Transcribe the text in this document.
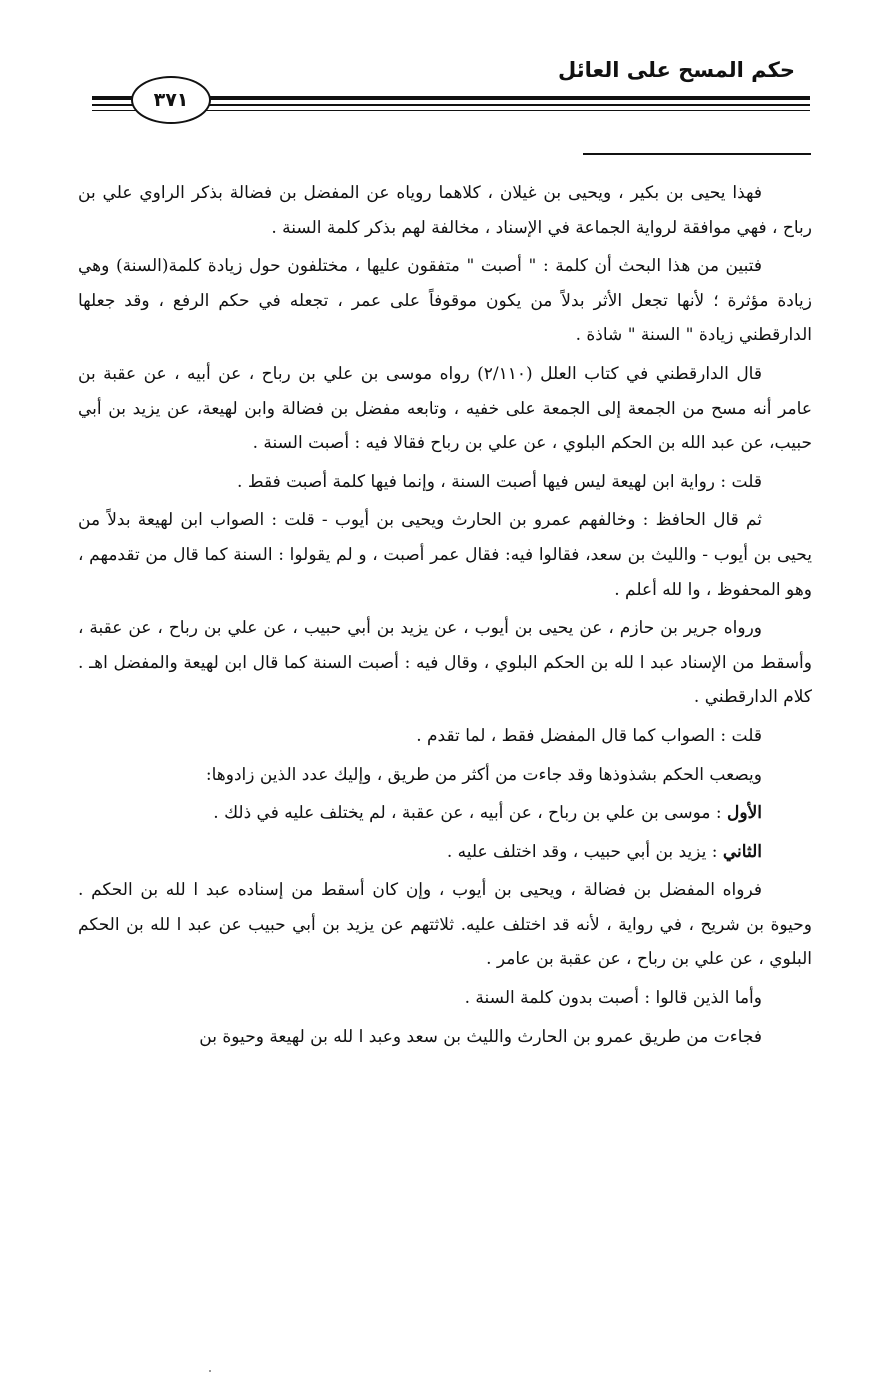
حكم المسح على العائل
٣٧١

فهذا يحيى بن بكير ، ويحيى بن غيلان ، كلاهما روياه عن المفضل بن فضالة بذكر الراوي علي بن رباح ، فهي موافقة لرواية الجماعة في الإسناد ، مخالفة لهم بذكر كلمة السنة .

فتبين من هذا البحث أن كلمة : " أصبت " متفقون عليها ، مختلفون حول زيادة كلمة(السنة) وهي زيادة مؤثرة ؛ لأنها تجعل الأثر بدلاً من يكون موقوفاً على عمر ، تجعله في حكم الرفع ، وقد جعلها الدارقطني زيادة " السنة " شاذة .

قال الدارقطني في كتاب العلل (٢/١١٠) رواه موسى بن علي بن رباح ، عن أبيه ، عن عقبة بن عامر أنه مسح من الجمعة إلى الجمعة على خفيه ، وتابعه مفضل بن فضالة وابن لهيعة، عن يزيد بن أبي حبيب، عن عبد الله بن الحكم البلوي ، عن علي بن رباح فقالا فيه : أصبت السنة .

قلت : رواية ابن لهيعة ليس فيها أصبت السنة ، وإنما فيها كلمة أصبت فقط .

ثم قال الحافظ : وخالفهم عمرو بن الحارث ويحيى بن أيوب - قلت : الصواب ابن لهيعة بدلاً من يحيى بن أيوب - والليث بن سعد، فقالوا فيه: فقال عمر أصبت ، و لم يقولوا : السنة كما قال من تقدمهم ، وهو المحفوظ ، وا لله أعلم .

ورواه جرير بن حازم ، عن يحيى بن أيوب ، عن يزيد بن أبي حبيب ، عن علي بن رباح ، عن عقبة ، وأسقط من الإسناد عبد ا لله بن الحكم البلوي ، وقال فيه : أصبت السنة كما قال ابن لهيعة والمفضل اهـ . كلام الدارقطني .

قلت : الصواب كما قال المفضل فقط ، لما تقدم .

ويصعب الحكم بشذوذها وقد جاءت من أكثر من طريق ، وإليك عدد الذين زادوها:

الأول : موسى بن علي بن رباح ، عن أبيه ، عن عقبة ، لم يختلف عليه في ذلك .

الثاني : يزيد بن أبي حبيب ، وقد اختلف عليه .

فرواه المفضل بن فضالة ، ويحيى بن أيوب ، وإن كان أسقط من إسناده عبد ا لله بن الحكم . وحيوة بن شريح ، في رواية ، لأنه قد اختلف عليه. ثلاثتهم عن يزيد بن أبي حبيب عن عبد ا لله بن الحكم البلوي ، عن علي بن رباح ، عن عقبة بن عامر .

وأما الذين قالوا : أصبت بدون كلمة السنة .

فجاءت من طريق عمرو بن الحارث والليث بن سعد وعبد ا لله بن لهيعة وحيوة بن
